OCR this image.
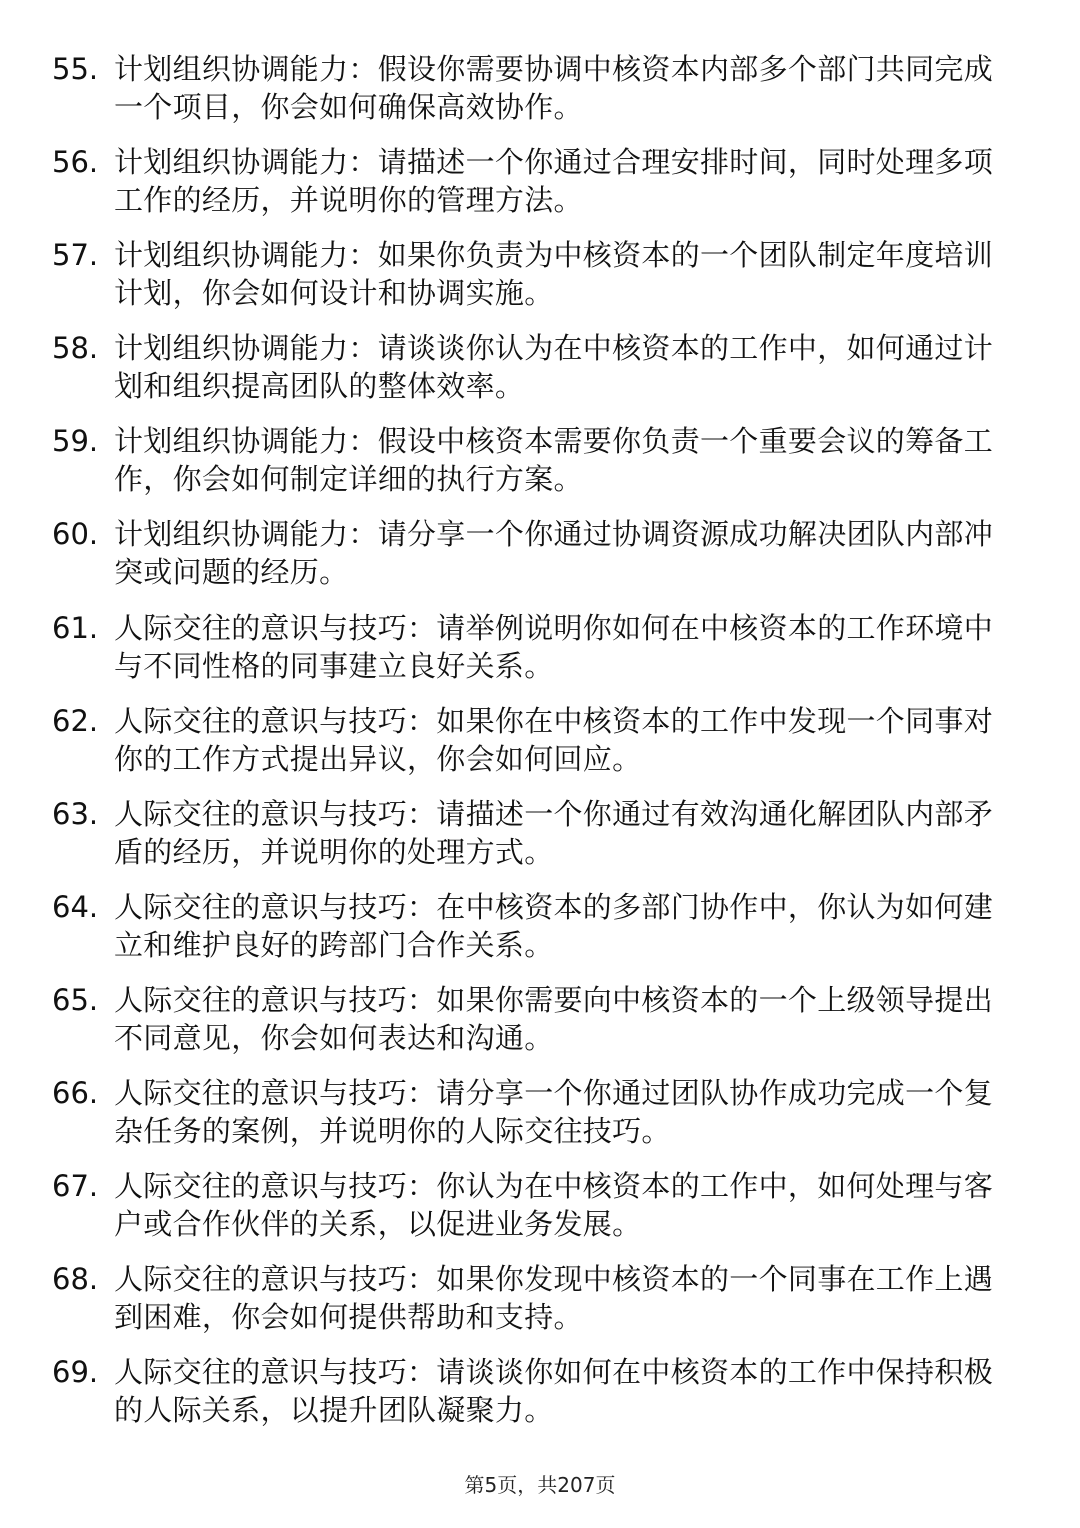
55. 计划组织协调能力：假设你需要协调中核资本内部多个部门共同完成一个项目，你会如何确保高效协作。
56. 计划组织协调能力：请描述一个你通过合理安排时间，同时处理多项工作的经历，并说明你的管理方法。
57. 计划组织协调能力：如果你负责为中核资本的一个团队制定年度培训计划，你会如何设计和协调实施。
58. 计划组织协调能力：请谈谈你认为在中核资本的工作中，如何通过计划和组织提高团队的整体效率。
59. 计划组织协调能力：假设中核资本需要你负责一个重要会议的筹备工作，你会如何制定详细的执行方案。
60. 计划组织协调能力：请分享一个你通过协调资源成功解决团队内部冲突或问题的经历。
61. 人际交往的意识与技巧：请举例说明你如何在中核资本的工作环境中与不同性格的同事建立良好关系。
62. 人际交往的意识与技巧：如果你在中核资本的工作中发现一个同事对你的工作方式提出异议，你会如何回应。
63. 人际交往的意识与技巧：请描述一个你通过有效沟通化解团队内部矛盾的经历，并说明你的处理方式。
64. 人际交往的意识与技巧：在中核资本的多部门协作中，你认为如何建立和维护良好的跨部门合作关系。
65. 人际交往的意识与技巧：如果你需要向中核资本的一个上级领导提出不同意见，你会如何表达和沟通。
66. 人际交往的意识与技巧：请分享一个你通过团队协作成功完成一个复杂任务的案例，并说明你的人际交往技巧。
67. 人际交往的意识与技巧：你认为在中核资本的工作中，如何处理与客户或合作伙伴的关系，以促进业务发展。
68. 人际交往的意识与技巧：如果你发现中核资本的一个同事在工作上遇到困难，你会如何提供帮助和支持。
69. 人际交往的意识与技巧：请谈谈你如何在中核资本的工作中保持积极的人际关系，以提升团队凝聚力。
第5页，共207页
